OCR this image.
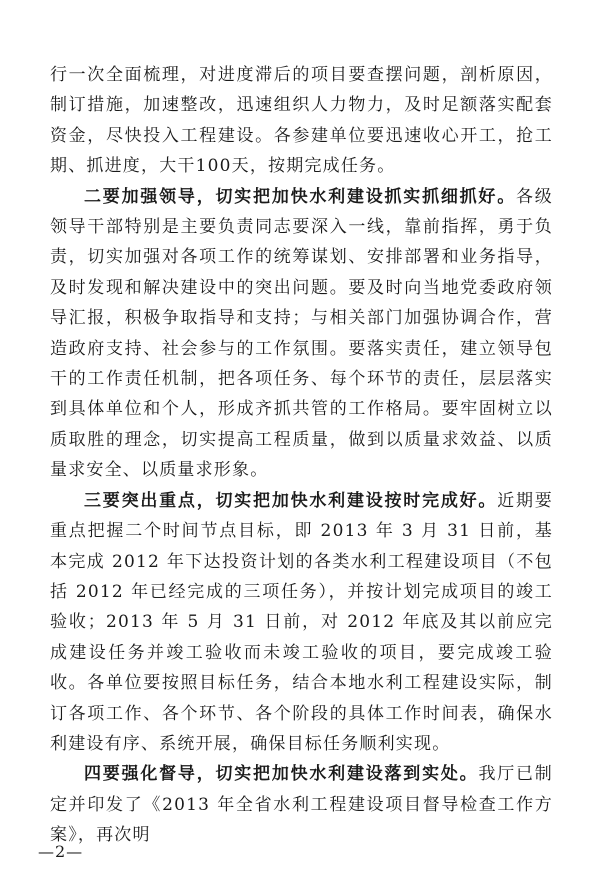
行一次全面梳理，对进度滞后的项目要查摆问题，剖析原因，制订措施，加速整改，迅速组织人力物力，及时足额落实配套资金，尽快投入工程建设。各参建单位要迅速收心开工，抢工期、抓进度，大干100天，按期完成任务。

二要加强领导，切实把加快水利建设抓实抓细抓好。各级领导干部特别是主要负责同志要深入一线，靠前指挥，勇于负责，切实加强对各项工作的统筹谋划、安排部署和业务指导，及时发现和解决建设中的突出问题。要及时向当地党委政府领导汇报，积极争取指导和支持；与相关部门加强协调合作，营造政府支持、社会参与的工作氛围。要落实责任，建立领导包干的工作责任机制，把各项任务、每个环节的责任，层层落实到具体单位和个人，形成齐抓共管的工作格局。要牢固树立以质取胜的理念，切实提高工程质量，做到以质量求效益、以质量求安全、以质量求形象。

三要突出重点，切实把加快水利建设按时完成好。近期要重点把握二个时间节点目标，即 2013 年 3 月 31 日前，基本完成 2012 年下达投资计划的各类水利工程建设项目（不包括 2012 年已经完成的三项任务），并按计划完成项目的竣工验收；2013 年 5 月 31 日前，对 2012 年底及其以前应完成建设任务并竣工验收而未竣工验收的项目，要完成竣工验收。各单位要按照目标任务，结合本地水利工程建设实际，制订各项工作、各个环节、各个阶段的具体工作时间表，确保水利建设有序、系统开展，确保目标任务顺利实现。

四要强化督导，切实把加快水利建设落到实处。我厅已制定并印发了《2013 年全省水利工程建设项目督导检查工作方案》，再次明

—2—
